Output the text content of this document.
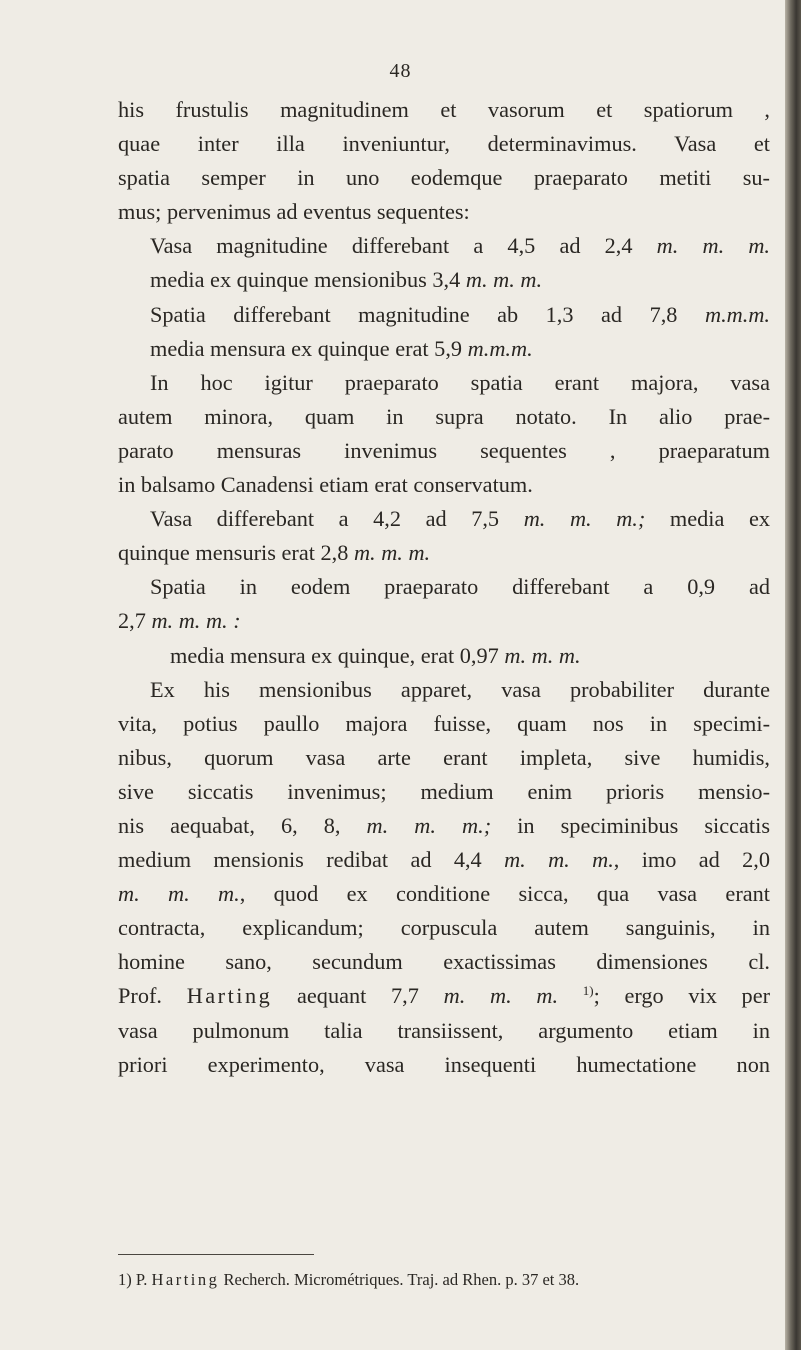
48
his frustulis magnitudinem et vasorum et spatiorum ,
quae inter illa inveniuntur, determinavimus. Vasa et
spatia semper in uno eodemque praeparato metiti su-
mus; pervenimus ad eventus sequentes:
Vasa magnitudine differebant a 4,5 ad 2,4 m. m. m.
media ex quinque mensionibus 3,4 m. m. m.
Spatia differebant magnitudine ab 1,3 ad 7,8 m.m.m.
media mensura ex quinque erat 5,9 m.m.m.
In hoc igitur praeparato spatia erant majora, vasa
autem minora, quam in supra notato. In alio prae-
parato mensuras invenimus sequentes , praeparatum
in balsamo Canadensi etiam erat conservatum.
Vasa differebant a 4,2 ad 7,5 m. m. m.; media ex
quinque mensuris erat 2,8 m. m. m.
Spatia in eodem praeparato differebant a 0,9 ad
2,7 m. m. m. :
media mensura ex quinque, erat 0,97 m. m. m.
Ex his mensionibus apparet, vasa probabiliter durante
vita, potius paullo majora fuisse, quam nos in specimi-
nibus, quorum vasa arte erant impleta, sive humidis,
sive siccatis invenimus; medium enim prioris mensio-
nis aequabat, 6, 8, m. m. m.; in speciminibus siccatis
medium mensionis redibat ad 4,4 m. m. m., imo ad 2,0
m. m. m., quod ex conditione sicca, qua vasa erant
contracta, explicandum; corpuscula autem sanguinis, in
homine sano, secundum exactissimas dimensiones cl.
Prof. Harting aequant 7,7 m. m. m. $^{1)}$; ergo vix per
vasa pulmonum talia transiissent, argumento etiam in
priori experimento, vasa insequenti humectatione non
1) P. Harting Recherch. Micrométriques. Traj. ad Rhen. p. 37 et 38.
